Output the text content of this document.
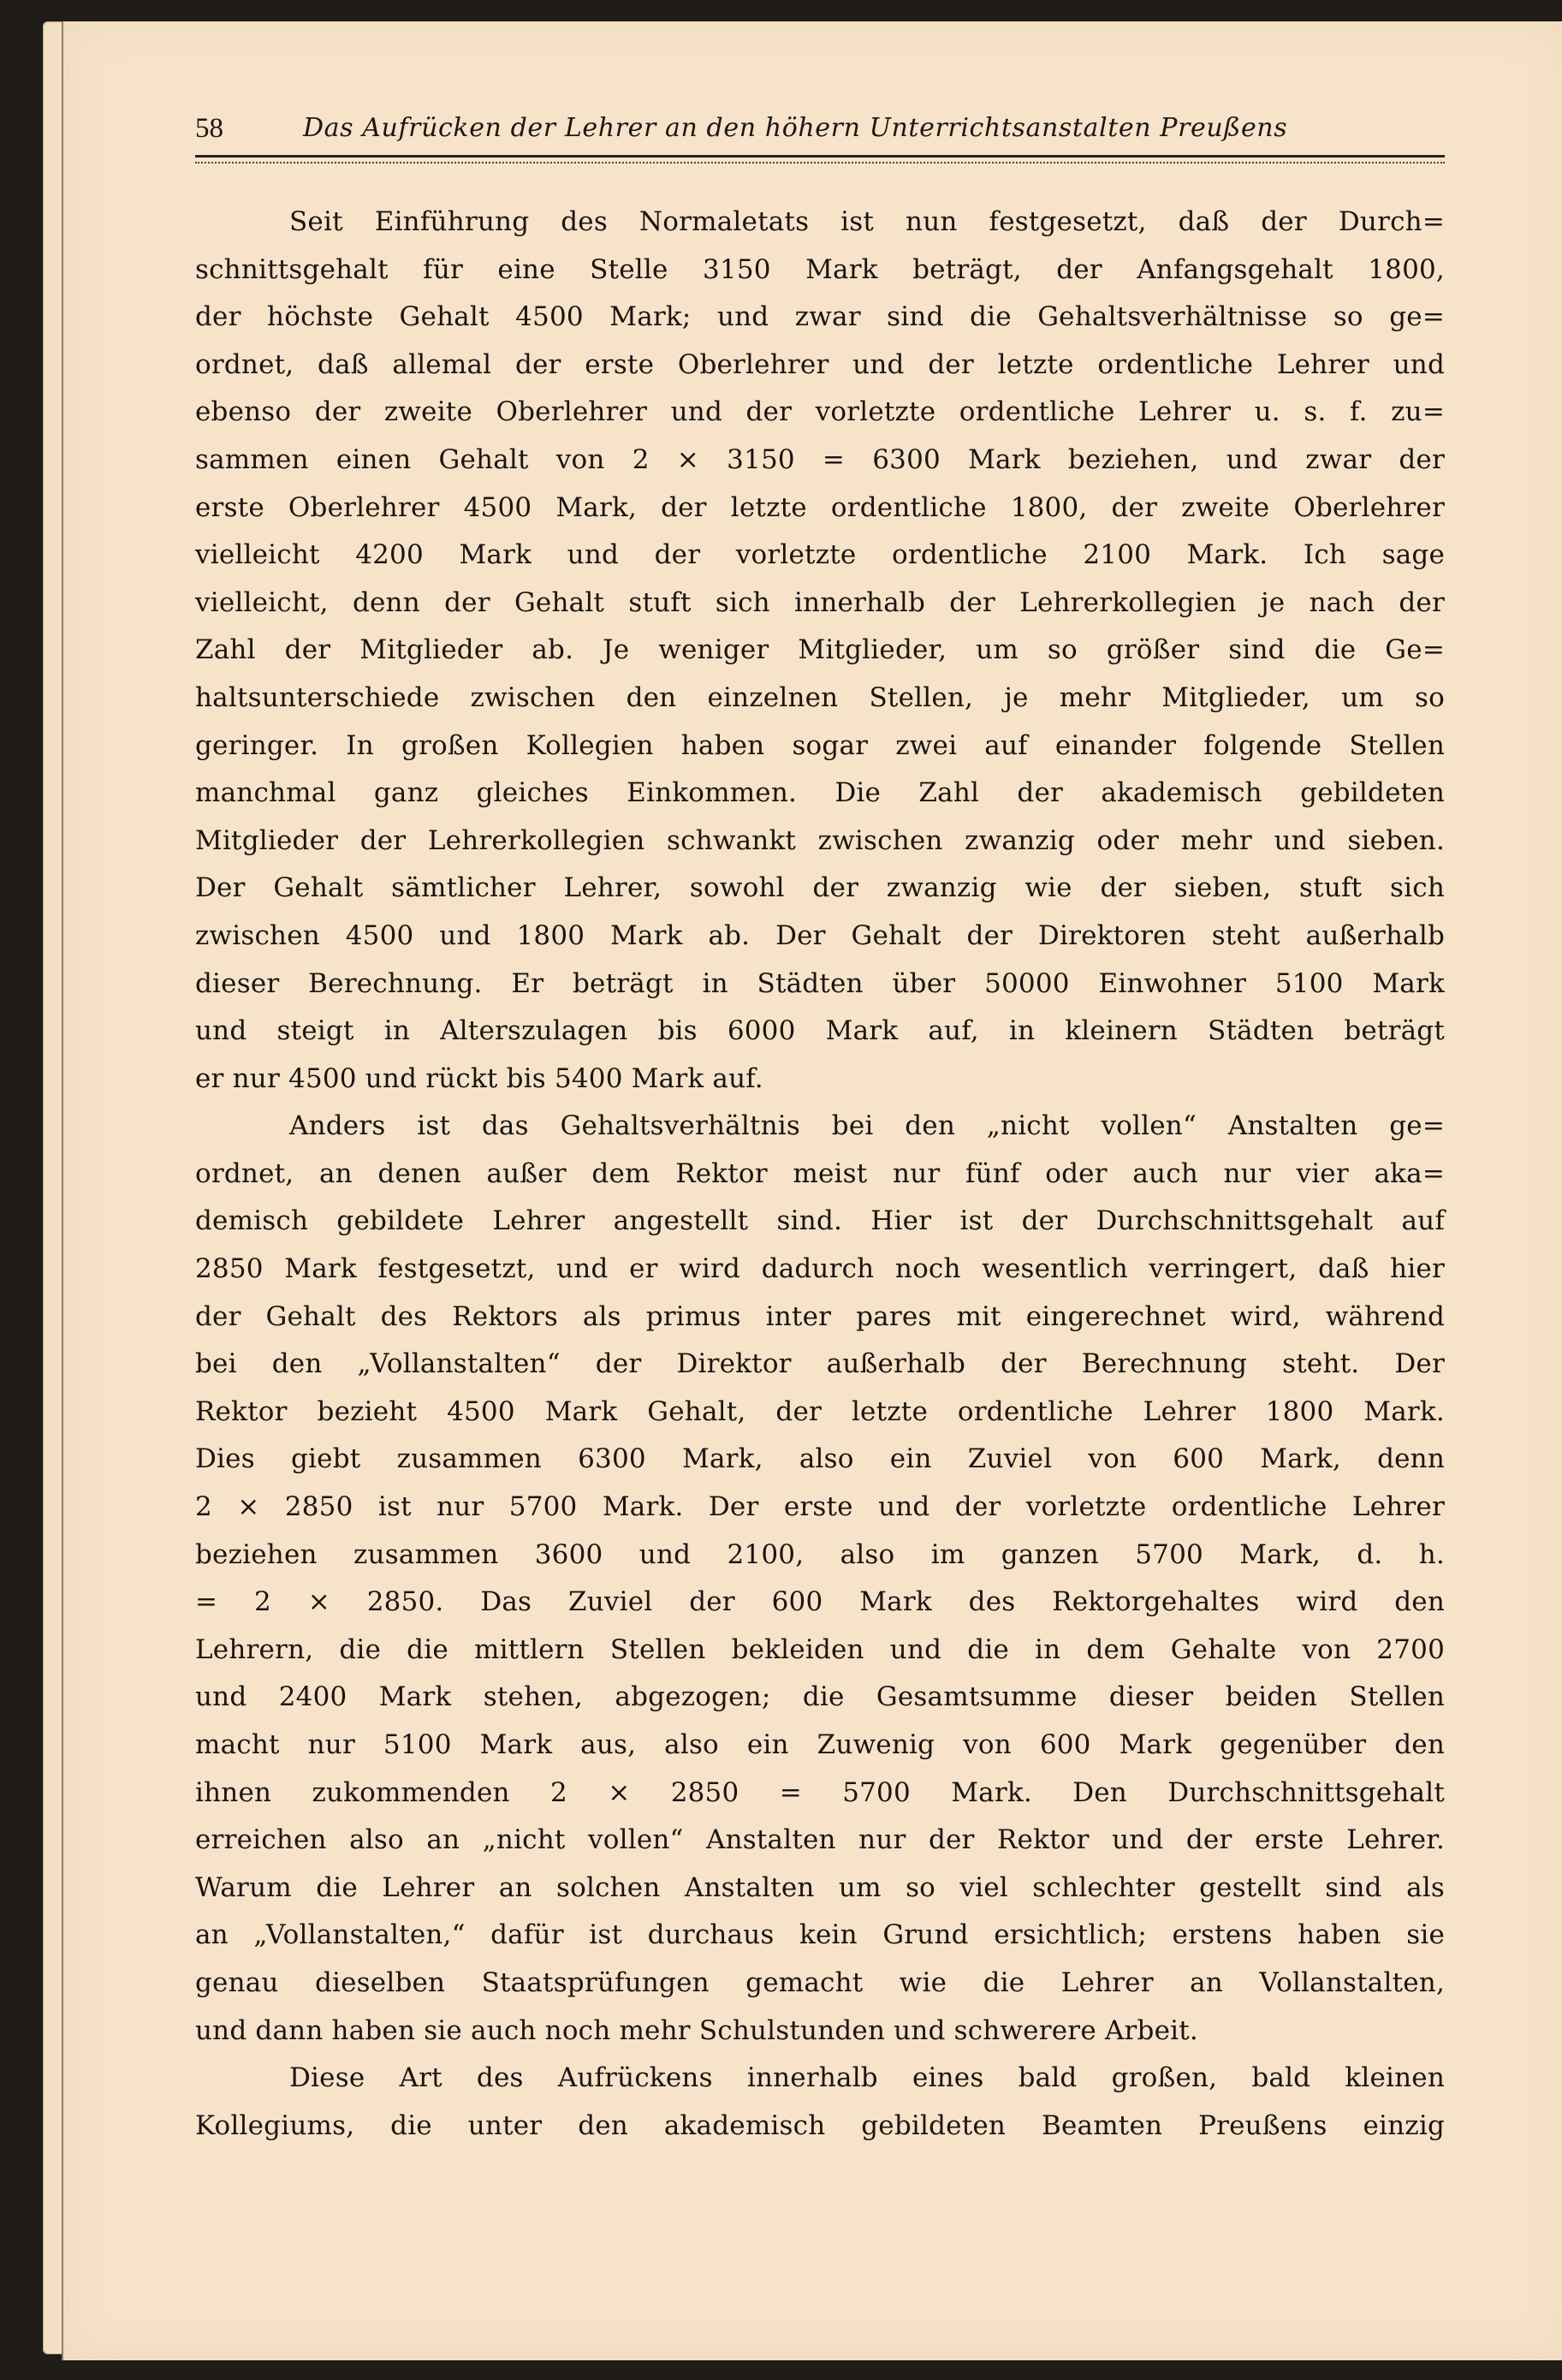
58	Das Aufrücken der Lehrer an den höhern Unterrichtsanstalten Preußens
Seit Einführung des Normaletats ist nun festgesetzt, daß der Durch=
schnittsgehalt für eine Stelle 3150 Mark beträgt, der Anfangsgehalt 1800,
der höchste Gehalt 4500 Mark; und zwar sind die Gehaltsverhältnisse so ge=
ordnet, daß allemal der erste Oberlehrer und der letzte ordentliche Lehrer und
ebenso der zweite Oberlehrer und der vorletzte ordentliche Lehrer u. s. f. zu=
sammen einen Gehalt von 2 × 3150 = 6300 Mark beziehen, und zwar der
erste Oberlehrer 4500 Mark, der letzte ordentliche 1800, der zweite Oberlehrer
vielleicht 4200 Mark und der vorletzte ordentliche 2100 Mark. Ich sage
vielleicht, denn der Gehalt stuft sich innerhalb der Lehrerkollegien je nach der
Zahl der Mitglieder ab. Je weniger Mitglieder, um so größer sind die Ge=
haltsunterschiede zwischen den einzelnen Stellen, je mehr Mitglieder, um so
geringer. In großen Kollegien haben sogar zwei auf einander folgende Stellen
manchmal ganz gleiches Einkommen. Die Zahl der akademisch gebildeten
Mitglieder der Lehrerkollegien schwankt zwischen zwanzig oder mehr und sieben.
Der Gehalt sämtlicher Lehrer, sowohl der zwanzig wie der sieben, stuft sich
zwischen 4500 und 1800 Mark ab. Der Gehalt der Direktoren steht außerhalb
dieser Berechnung. Er beträgt in Städten über 50000 Einwohner 5100 Mark
und steigt in Alterszulagen bis 6000 Mark auf, in kleinern Städten beträgt
er nur 4500 und rückt bis 5400 Mark auf.
Anders ist das Gehaltsverhältnis bei den „nicht vollen“ Anstalten ge=
ordnet, an denen außer dem Rektor meist nur fünf oder auch nur vier aka=
demisch gebildete Lehrer angestellt sind. Hier ist der Durchschnittsgehalt auf
2850 Mark festgesetzt, und er wird dadurch noch wesentlich verringert, daß hier
der Gehalt des Rektors als primus inter pares mit eingerechnet wird, während
bei den „Vollanstalten“ der Direktor außerhalb der Berechnung steht. Der
Rektor bezieht 4500 Mark Gehalt, der letzte ordentliche Lehrer 1800 Mark.
Dies giebt zusammen 6300 Mark, also ein Zuviel von 600 Mark, denn
2 × 2850 ist nur 5700 Mark. Der erste und der vorletzte ordentliche Lehrer
beziehen zusammen 3600 und 2100, also im ganzen 5700 Mark, d. h.
= 2 × 2850. Das Zuviel der 600 Mark des Rektorgehaltes wird den
Lehrern, die die mittlern Stellen bekleiden und die in dem Gehalte von 2700
und 2400 Mark stehen, abgezogen; die Gesamtsumme dieser beiden Stellen
macht nur 5100 Mark aus, also ein Zuwenig von 600 Mark gegenüber den
ihnen zukommenden 2 × 2850 = 5700 Mark. Den Durchschnittsgehalt
erreichen also an „nicht vollen“ Anstalten nur der Rektor und der erste Lehrer.
Warum die Lehrer an solchen Anstalten um so viel schlechter gestellt sind als
an „Vollanstalten,“ dafür ist durchaus kein Grund ersichtlich; erstens haben sie
genau dieselben Staatsprüfungen gemacht wie die Lehrer an Vollanstalten,
und dann haben sie auch noch mehr Schulstunden und schwerere Arbeit.
Diese Art des Aufrückens innerhalb eines bald großen, bald kleinen
Kollegiums, die unter den akademisch gebildeten Beamten Preußens einzig
